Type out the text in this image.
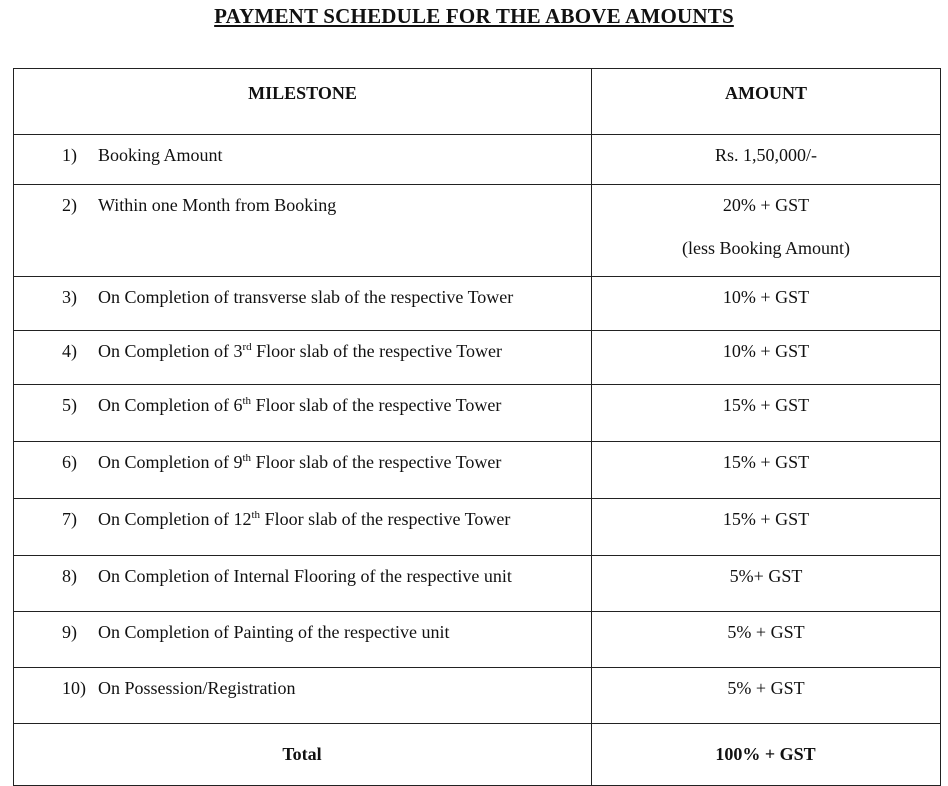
PAYMENT SCHEDULE FOR THE ABOVE AMOUNTS
MILESTONE	AMOUNT
1) Booking Amount	Rs. 1,50,000/-
2) Within one Month from Booking	20% + GST
(less Booking Amount)

3) On Completion of transverse slab of the respective Tower	10% + GST
4) On Completion of 3rd Floor slab of the respective Tower	10% + GST
5) On Completion of 6th Floor slab of the respective Tower	15% + GST
6) On Completion of 9th Floor slab of the respective Tower	15% + GST
7) On Completion of 12th Floor slab of the respective Tower	15% + GST
8) On Completion of Internal Flooring of the respective unit	5%+ GST
9) On Completion of Painting of the respective unit	5% + GST
10) On Possession/Registration	5% + GST
Total	100% + GST
